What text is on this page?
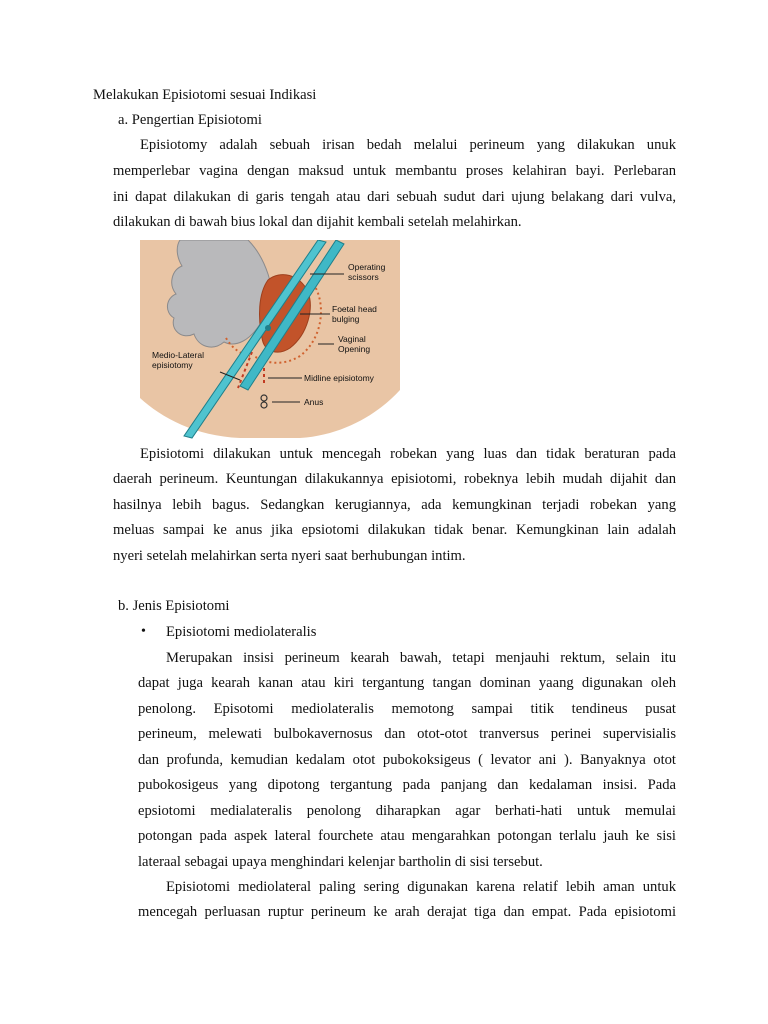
Melakukan Episiotomi sesuai Indikasi
a. Pengertian Episiotomi
Episiotomy adalah sebuah irisan bedah melalui perineum yang dilakukan unuk
memperlebar vagina dengan maksud untuk membantu proses kelahiran bayi. Perlebaran
ini dapat dilakukan di garis tengah atau dari sebuah sudut dari ujung belakang dari vulva,
dilakukan di bawah bius lokal dan dijahit kembali setelah melahirkan.
Operating
scissors
Foetal head
bulging
Vaginal
Opening
Medio-Lateral
episiotomy
Midline episiotomy
Anus
Episiotomi dilakukan untuk mencegah robekan yang luas dan tidak beraturan pada
daerah perineum. Keuntungan dilakukannya episiotomi, robeknya lebih mudah dijahit dan
hasilnya lebih bagus. Sedangkan kerugiannya, ada kemungkinan terjadi robekan yang
meluas sampai ke anus jika epsiotomi dilakukan tidak benar. Kemungkinan lain adalah
nyeri setelah melahirkan serta nyeri saat berhubungan intim.
b. Jenis Episiotomi
• Episiotomi mediolateralis
Merupakan insisi perineum kearah bawah, tetapi menjauhi rektum, selain itu
dapat juga kearah kanan atau kiri tergantung tangan dominan yaang digunakan oleh
penolong. Episotomi mediolateralis memotong sampai titik tendineus pusat
perineum, melewati bulbokavernosus dan otot-otot tranversus perinei supervisialis
dan profunda, kemudian kedalam otot pubokoksigeus ( levator ani ). Banyaknya otot
pubokosigeus yang dipotong tergantung pada panjang dan kedalaman insisi. Pada
epsiotomi medialateralis penolong diharapkan agar berhati-hati untuk memulai
potongan pada aspek lateral fourchete atau mengarahkan potongan terlalu jauh ke sisi
lateraal sebagai upaya menghindari kelenjar bartholin di sisi tersebut.
Episiotomi mediolateral paling sering digunakan karena relatif lebih aman untuk
mencegah perluasan ruptur perineum ke arah derajat tiga dan empat. Pada episiotomi
